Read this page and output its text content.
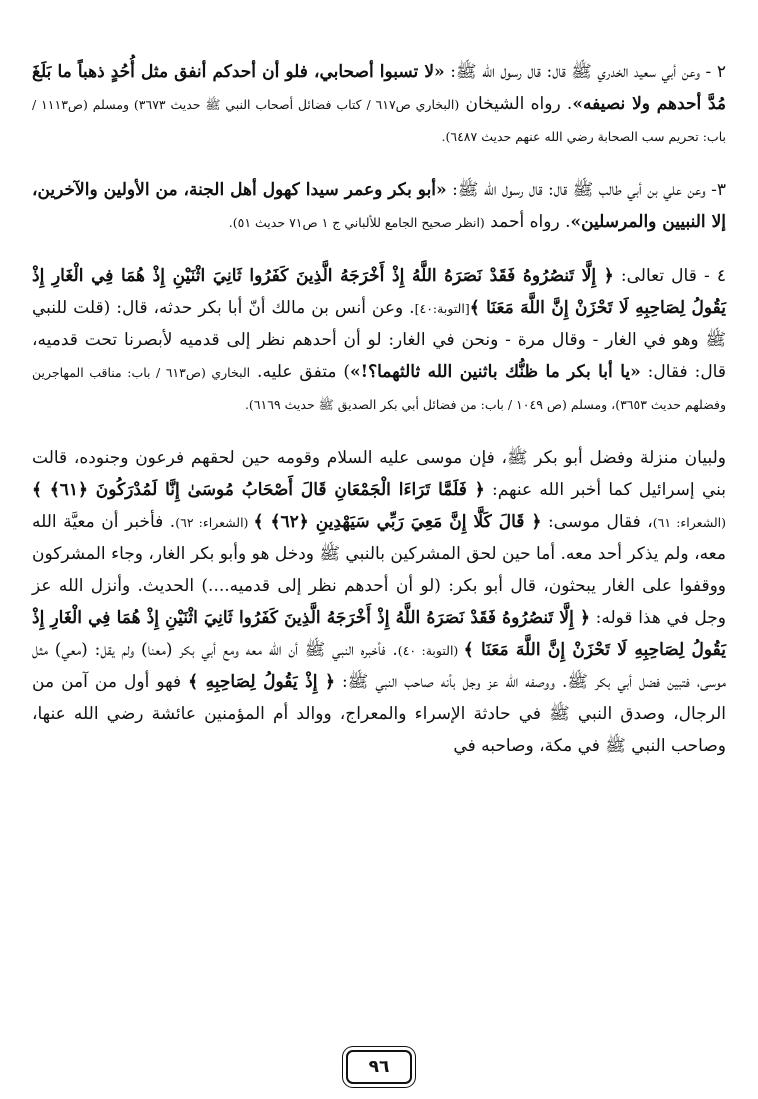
٢ - وعن أبي سعيد الخدري ﷺ قال: قال رسول الله ﷺ: «لا تسبوا أصحابي، فلو أن أحدكم أنفق مثل أُحُدٍ ذهباً ما بَلَغَ مُدَّ أحدهم ولا نصيفه». رواه الشيخان (البخاري ص٦١٧ / كتاب فضائل أصحاب النبي ﷺ حديث ٣٦٧٣) ومسلم (ص١١١٣ / باب: تحريم سب الصحابة رضي الله عنهم حديث ٦٤٨٧).

٣- وعن علي بن أبي طالب ﷺ قال: قال رسول الله ﷺ: «أبو بكر وعمر سيدا كهول أهل الجنة، من الأولين والآخرين، إلا النبيين والمرسلين». رواه أحمد (انظر صحيح الجامع للألباني ج ١ ص٧١ حديث ٥١).

٤ - قال تعالى: ﴿ إِلَّا تَنصُرُوهُ فَقَدْ نَصَرَهُ اللَّهُ إِذْ أَخْرَجَهُ الَّذِينَ كَفَرُوا ثَانِيَ اثْنَيْنِ إِذْ هُمَا فِي الْغَارِ إِذْ يَقُولُ لِصَاحِبِهِ لَا تَحْزَنْ إِنَّ اللَّهَ مَعَنَا ﴾[التوبة:٤٠]. وعن أنس بن مالك أنّ أبا بكر حدثه، قال: (قلت للنبي ﷺ وهو في الغار - وقال مرة - ونحن في الغار: لو أن أحدهم نظر إلى قدميه لأبصرنا تحت قدميه، قال: فقال: «يا أبا بكر ما ظنُّك باثنين الله ثالثهما؟!») متفق عليه. البخاري (ص٦١٣ / باب: مناقب المهاجرين وفضلهم حديث ٣٦٥٣)، ومسلم (ص ١٠٤٩ / باب: من فضائل أبي بكر الصديق ﷺ حديث ٦١٦٩).

ولبيان منزلة وفضل أبو بكر ﷺ، فإن موسى عليه السلام وقومه حين لحقهم فرعون وجنوده، قالت بني إسرائيل كما أخبر الله عنهم: ﴿ فَلَمَّا تَرَاءَا الْجَمْعَانِ قَالَ أَصْحَابُ مُوسَىٰ إِنَّا لَمُدْرَكُونَ ﴿٦١﴾ ﴾ (الشعراء: ٦١)، فقال موسى: ﴿ قَالَ كَلَّا إِنَّ مَعِيَ رَبِّي سَيَهْدِينِ ﴿٦٢﴾ ﴾ (الشعراء: ٦٢). فأخبر أن معيَّة الله معه، ولم يذكر أحد معه. أما حين لحق المشركين بالنبي ﷺ ودخل هو وأبو بكر الغار، وجاء المشركون ووقفوا على الغار يبحثون، قال أبو بكر: (لو أن أحدهم نظر إلى قدميه....) الحديث. وأنزل الله عز وجل في هذا قوله: ﴿ إِلَّا تَنصُرُوهُ فَقَدْ نَصَرَهُ اللَّهُ إِذْ أَخْرَجَهُ الَّذِينَ كَفَرُوا ثَانِيَ اثْنَيْنِ إِذْ هُمَا فِي الْغَارِ إِذْ يَقُولُ لِصَاحِبِهِ لَا تَحْزَنْ إِنَّ اللَّهَ مَعَنَا ﴾ (التوبة: ٤٠). فأخبره النبي ﷺ أن الله معه ومع أبي بكر (معنا) ولم يقل: (معي) مثل موسى، فتبين فضل أبي بكر ﷺ. ووصفه الله عز وجل بأنه صاحب النبي ﷺ: ﴿ إِذْ يَقُولُ لِصَاحِبِهِ ﴾ فهو أول من آمن من الرجال، وصدق النبي ﷺ في حادثة الإسراء والمعراج، ووالد أم المؤمنين عائشة رضي الله عنها، وصاحب النبي ﷺ في مكة، وصاحبه في

٩٦
